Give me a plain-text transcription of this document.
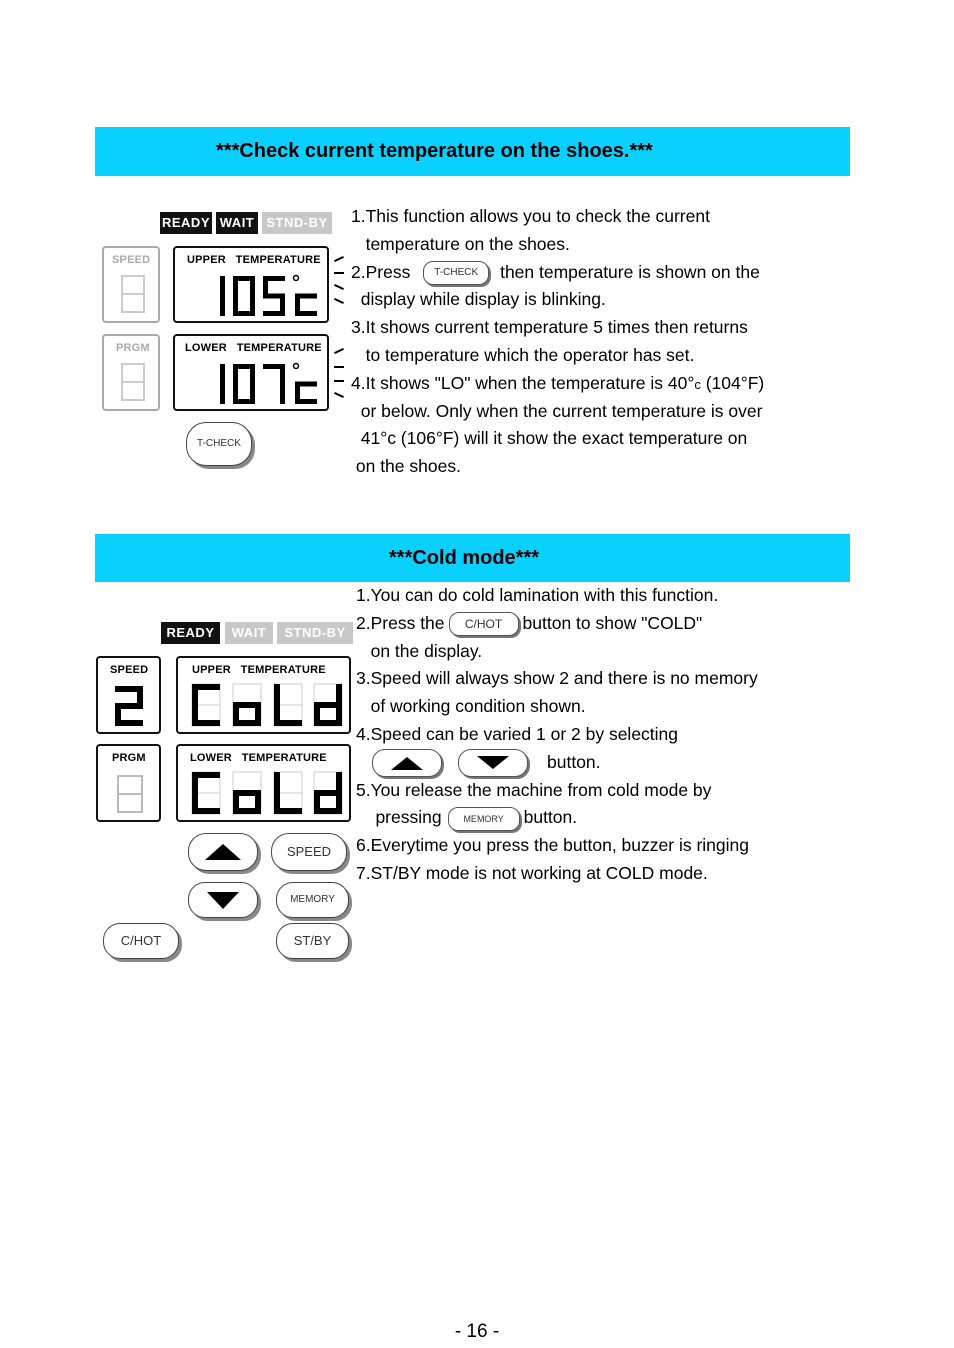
***Check current temperature on the shoes.***
READY WAIT STND-BY
SPEED	UPPER   TEMPERATURE
PRGM	LOWER   TEMPERATURE
T-CHECK
1.This function allows you to check the current
temperature on the shoes.
2.Press T-CHECK then temperature is shown on the
display while display is blinking.
3.It shows current temperature 5 times then returns
to temperature which the operator has set.
4.It shows "LO" when the temperature is 40°c (104°F)
or below. Only when the current temperature is over
41°c (106°F) will it show the exact temperature on
on the shoes.
***Cold mode***
READY	WAIT	STND-BY
SPEED	UPPER   TEMPERATURE
PRGM	LOWER   TEMPERATURE
SPEED
MEMORY
C/HOT	ST/BY
1.You can do cold lamination with this function.
2.Press the C/HOT button to show "COLD"
on the display.
3.Speed will always show 2 and there is no memory
of working condition shown.
4.Speed can be varied 1 or 2 by selecting
button.
5.You release the machine from cold mode by
pressing MEMORY button.
6.Everytime you press the button, buzzer is ringing
7.ST/BY mode is not working at COLD mode.
- 16 -
